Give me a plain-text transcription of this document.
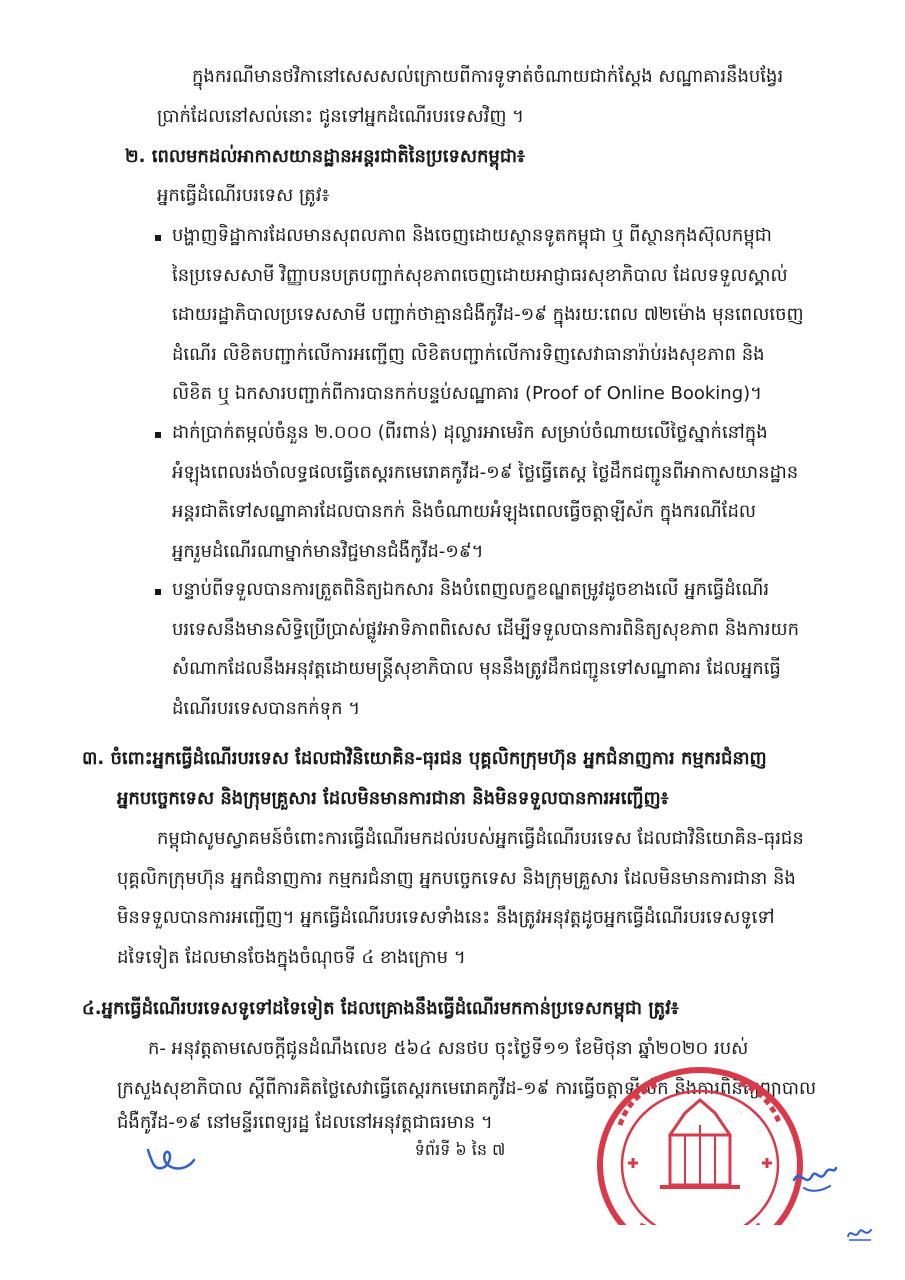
ក្នុងករណីមានថវិកានៅសេសសល់ក្រោយពីការទូទាត់ចំណាយជាក់ស្តែង សណ្ឋាគារនឹងបង្វែរ
ប្រាក់ដែលនៅសល់នោះ ជូនទៅអ្នកដំណើរបរទេសវិញ ។
២. ពេលមកដល់អាកាសយានដ្ឋានអន្តរជាតិនៃប្រទេសកម្ពុជា៖
អ្នកធ្វើដំណើរបរទេស ត្រូវ៖
បង្ហាញទិដ្ឋាការដែលមានសុពលភាព និងចេញដោយស្ថានទូតកម្ពុជា ឬ ពីស្ថានកុងស៊ុលកម្ពុជា
នៃប្រទេសសាមី វិញ្ញាបនបត្របញ្ជាក់សុខភាពចេញដោយអាជ្ញាធរសុខាភិបាល ដែលទទួលស្គាល់
ដោយរដ្ឋាភិបាលប្រទេសសាមី បញ្ជាក់ថាគ្មានជំងឺកូវីដ-១៩ ក្នុងរយៈពេល ៧២ម៉ោង មុនពេលចេញ
ដំណើរ លិខិតបញ្ជាក់លើការអញ្ជើញ លិខិតបញ្ជាក់លើការទិញសេវាធានារ៉ាប់រងសុខភាព និង
លិខិត ឬ ឯកសារបញ្ជាក់ពីការបានកក់បន្ទប់សណ្ឋាគារ (Proof of Online Booking)។
ដាក់ប្រាក់តម្កល់ចំនួន ២.០០០ (ពីរពាន់) ដុល្លារអាមេរិក សម្រាប់ចំណាយលើថ្លៃស្នាក់នៅក្នុង
អំឡុងពេលរង់ចាំលទ្ធផលធ្វើតេស្តរកមេរោគកូវីដ-១៩ ថ្លៃធ្វើតេស្ត ថ្លៃដឹកជញ្ជូនពីអាកាសយានដ្ឋាន
អន្តរជាតិទៅសណ្ឋាគារដែលបានកក់ និងចំណាយអំឡុងពេលធ្វើចត្តាឡីស័ក ក្នុងករណីដែល
អ្នករួមដំណើរណាម្នាក់មានវិជ្ជមានជំងឺកូវីដ-១៩។
បន្ទាប់ពីទទួលបានការត្រួតពិនិត្យឯកសារ និងបំពេញលក្ខខណ្ឌតម្រូវដូចខាងលើ អ្នកធ្វើដំណើរ
បរទេសនឹងមានសិទ្ធិប្រើប្រាស់ផ្លូវអាទិភាពពិសេស ដើម្បីទទួលបានការពិនិត្យសុខភាព និងការយក
សំណាកដែលនឹងអនុវត្តដោយមន្ត្រីសុខាភិបាល មុននឹងត្រូវដឹកជញ្ជូនទៅសណ្ឋាគារ ដែលអ្នកធ្វើ
ដំណើរបរទេសបានកក់ទុក ។
៣. ចំពោះអ្នកធ្វើដំណើរបរទេស ដែលជាវិនិយោគិន-ធុរជន បុគ្គលិកក្រុមហ៊ុន អ្នកជំនាញការ កម្មករជំនាញ
អ្នកបច្ចេកទេស និងក្រុមគ្រួសារ ដែលមិនមានការជានា និងមិនទទួលបានការអញ្ជើញ៖
កម្ពុជាសូមស្វាគមន៍ចំពោះការធ្វើដំណើរមកដល់របស់អ្នកធ្វើដំណើរបរទេស ដែលជាវិនិយោគិន-ធុរជន
បុគ្គលិកក្រុមហ៊ុន អ្នកជំនាញការ កម្មករជំនាញ អ្នកបច្ចេកទេស និងក្រុមគ្រួសារ ដែលមិនមានការជានា និង
មិនទទួលបានការអញ្ជើញ។ អ្នកធ្វើដំណើរបរទេសទាំងនេះ នឹងត្រូវអនុវត្តដូចអ្នកធ្វើដំណើរបរទេសទូទៅ
ដទៃទៀត ដែលមានចែងក្នុងចំណុចទី ៤ ខាងក្រោម ។
៤.អ្នកធ្វើដំណើរបរទេសទូទៅដទៃទៀត ដែលគ្រោងនឹងធ្វើដំណើរមកកាន់ប្រទេសកម្ពុជា ត្រូវ៖
ក- អនុវត្តតាមសេចក្តីជូនដំណឹងលេខ ៥៦៤ សនថប ចុះថ្ងៃទី១១ ខែមិថុនា ឆ្នាំ២០២០ របស់
ក្រសួងសុខាភិបាល ស្តីពីការគិតថ្លៃសេវាធ្វើតេស្តរកមេរោគកូវីដ-១៩ ការធ្វើចត្តាឡីស័ក និងការពិនិត្យព្យាបាល
ជំងឺកូវីដ-១៩ នៅមន្ទីរពេទ្យរដ្ឋ ដែលនៅអនុវត្តជាធរមាន ។
ទំព័រទី ៦ នៃ ៧
